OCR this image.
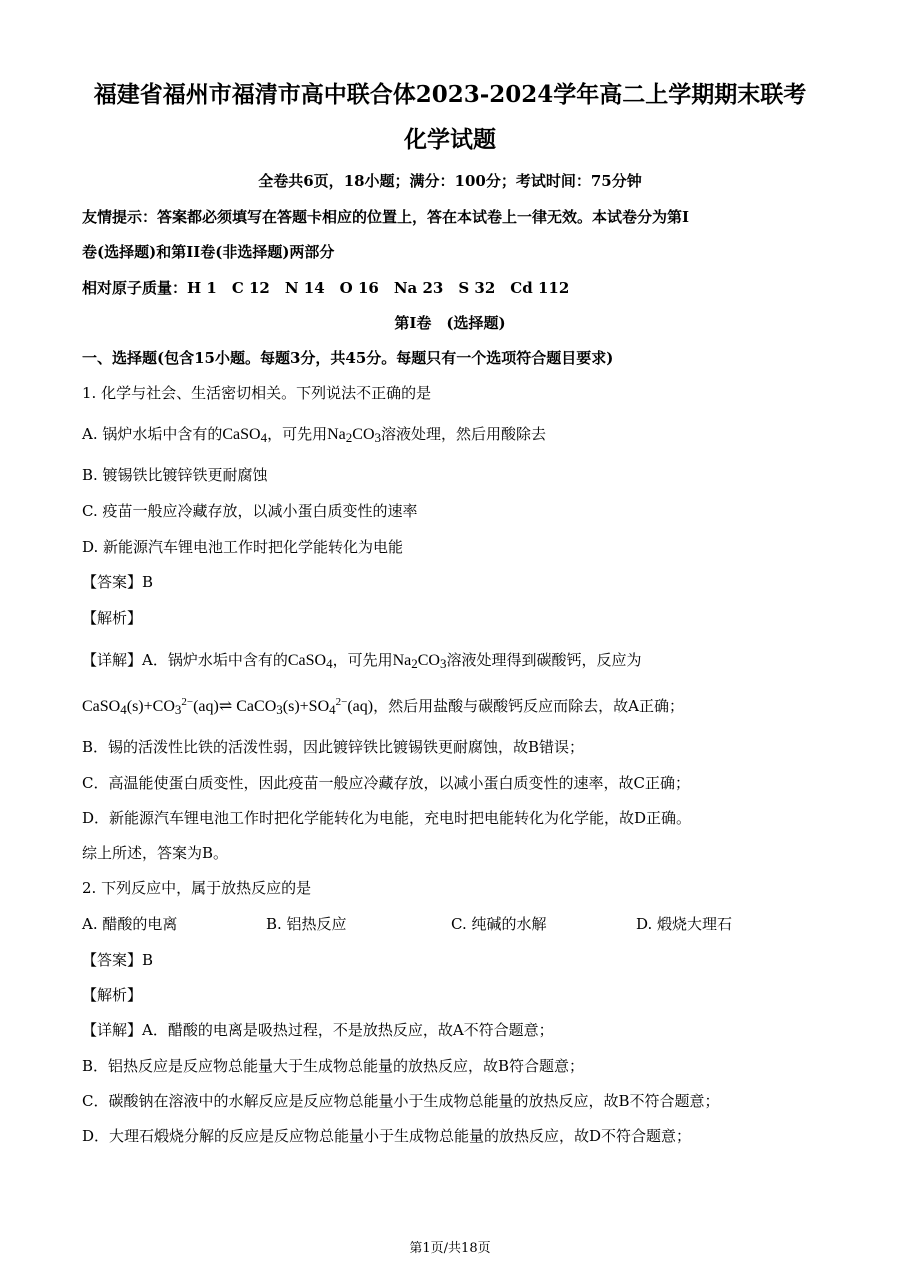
福建省福州市福清市高中联合体2023-2024学年高二上学期期末联考
化学试题
全卷共6页，18小题；满分：100分；考试时间：75分钟
友情提示：答案都必须填写在答题卡相应的位置上，答在本试卷上一律无效。本试卷分为第I
卷(选择题)和第II卷(非选择题)两部分
相对原子质量：H 1　C 12　N 14　O 16　Na 23　S 32　Cd 112
第I卷　(选择题)
一、选择题(包含15小题。每题3分，共45分。每题只有一个选项符合题目要求)
1. 化学与社会、生活密切相关。下列说法不正确的是
A. 锅炉水垢中含有的CaSO$_4$，可先用$Na_2CO_3$溶液处理，然后用酸除去
B. 镀锡铁比镀锌铁更耐腐蚀
C. 疫苗一般应冷藏存放，以减小蛋白质变性的速率
D. 新能源汽车锂电池工作时把化学能转化为电能
【答案】B
【解析】
【详解】A．锅炉水垢中含有的CaSO$_4$，可先用$Na_2CO_3$溶液处理得到碳酸钙，反应为
$CaSO_4(s)+CO_3^{2-}(aq)\rightleftharpoons$ $CaCO_3(s)+SO_4^{2-}(aq)$，然后用盐酸与碳酸钙反应而除去，故A正确；
B．锡的活泼性比铁的活泼性弱，因此镀锌铁比镀锡铁更耐腐蚀，故B错误；
C．高温能使蛋白质变性，因此疫苗一般应冷藏存放，以减小蛋白质变性的速率，故C正确；
D．新能源汽车锂电池工作时把化学能转化为电能，充电时把电能转化为化学能，故D正确。
综上所述，答案为B。
2. 下列反应中，属于放热反应的是
A. 醋酸的电离	B. 铝热反应	C. 纯碱的水解	D. 煅烧大理石
【答案】B
【解析】
【详解】A．醋酸的电离是吸热过程，不是放热反应，故A不符合题意；
B．铝热反应是反应物总能量大于生成物总能量的放热反应，故B符合题意；
C．碳酸钠在溶液中的水解反应是反应物总能量小于生成物总能量的放热反应，故B不符合题意；
D．大理石煅烧分解的反应是反应物总能量小于生成物总能量的放热反应，故D不符合题意；
第1页/共18页
